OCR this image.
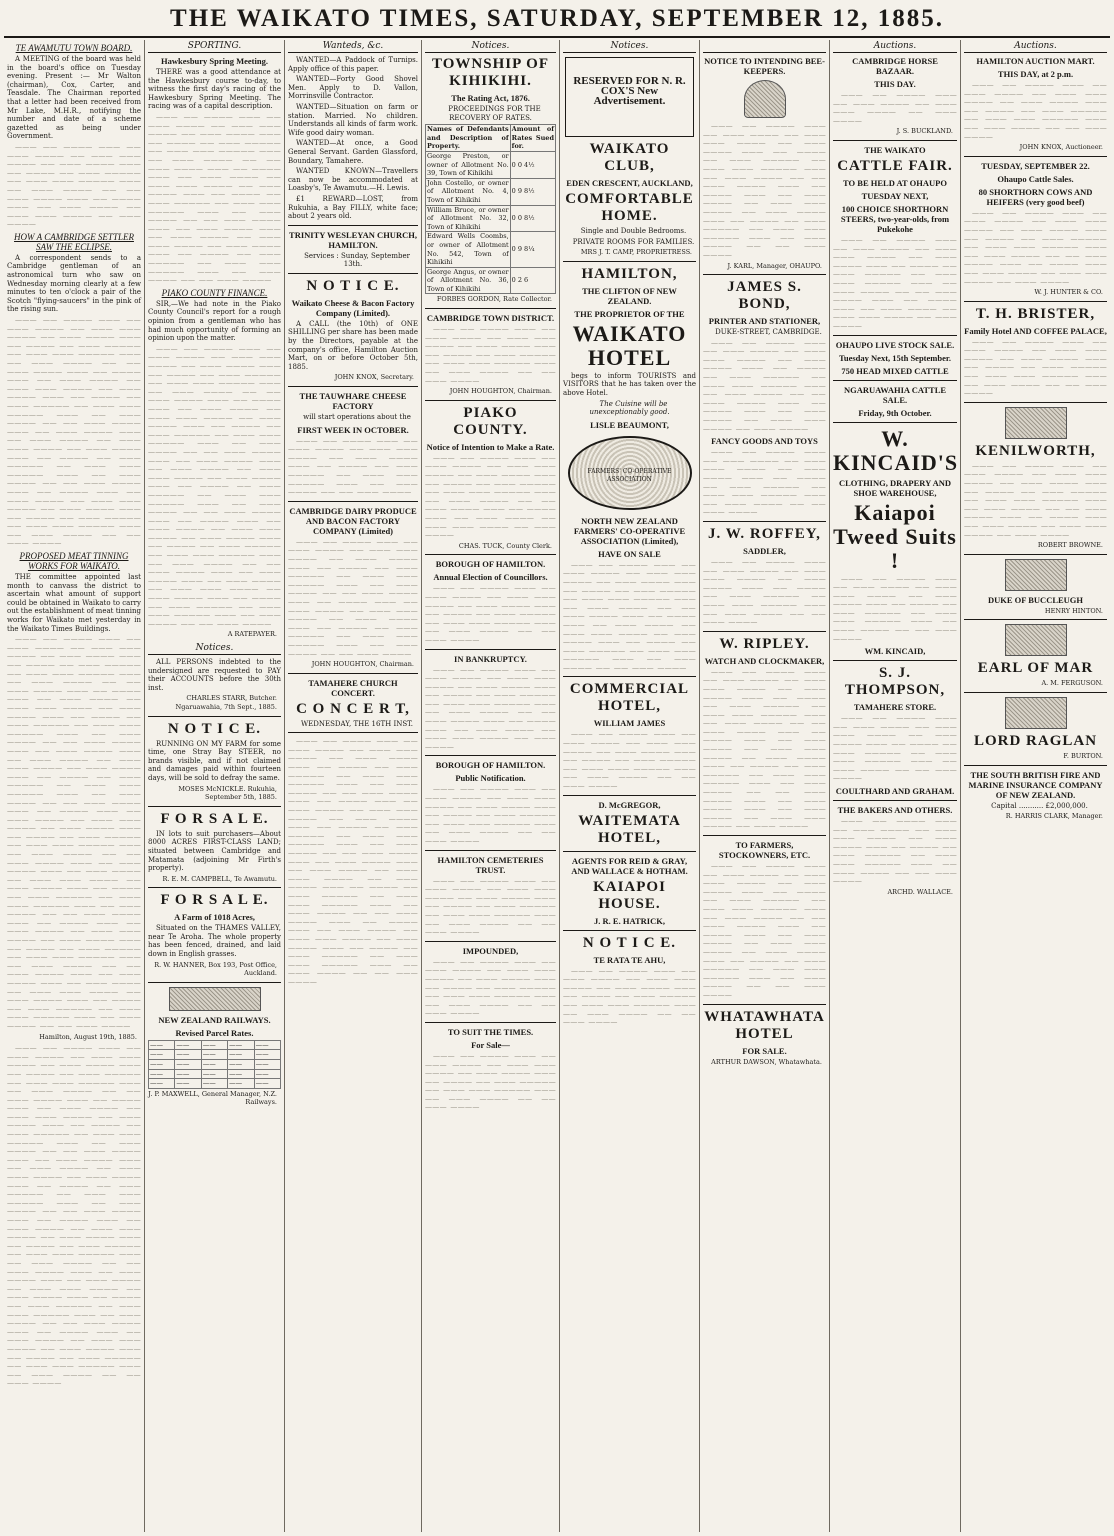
THE WAIKATO TIMES, SATURDAY, SEPTEMBER 12, 1885.
TE AWAMUTU TOWN BOARD.

A MEETING of the board was held in the board's office on Tuesday evening. Present :— Mr Walton (chairman), Cox, Carter, and Teasdale. The Chairman reported that a letter had been received from Mr Lake, M.H.R., notifying the number and date of a scheme gazetted as being under Government.

——— —— ———— ——— —— ——— ———— —— ——— ——— ———— —— ——— ———— ——— —— ———— —— ——— ————— —— ——— ——— ————— ——— —— ——— ———— —— —— ——— ———— ——— —— ———— ——— —— ——— ———— —— ——— ——— ———— —— ——— ————

HOW A CAMBRIDGE SETTLER SAW THE ECLIPSE.

A correspondent sends to a Cambridge gentleman of an astronomical turn who saw on Wednesday morning clearly at a few minutes to ten o'clock a pair of the Scotch "flying-saucers" in the pink of the rising sun.

——— —— ———— ——— —— ——— ———— —— ——— ——— ———— —— ——— ———— ——— —— ———— —— ——— ————— —— ——— ——— ————— ——— —— ——— ———— —— —— ——— ———— ——— —— ———— ——— —— ——— ———— —— ——— ——— ———— —— ——— ———— ——— —— ———— —— ——— ————— —— ——— ——— ————— ——— —— ——— ———— —— —— ——— ———— ——— —— ——— ———— ——— —— ——— ———— —— ——— ——— ———— —— ——— ———— ——— —— ———— —— ——— ————— —— ——— ——— ————— ——— —— ——— ———— —— —— ——— ———— ——— —— ———— ——— —— ——— ———— —— ——— ——— ———— —— ——— ———— ——— —— ———— —— ——— ————— —— ——— ——— ————— ——— —— ——— ———— —— —— ——— ————

PROPOSED MEAT TINNING WORKS FOR WAIKATO.

THE committee appointed last month to canvass the district to ascertain what amount of support could be obtained in Waikato to carry out the establishment of meat tinning works for Waikato met yesterday in the Waikato Times Buildings.

——— —— ———— ——— —— ——— ———— —— ——— ——— ———— —— ——— ———— ——— —— ———— —— ——— ————— —— ——— ——— ————— ——— —— ——— ———— —— —— ——— ———— ——— —— ———— ——— —— ——— ———— —— ——— ——— ———— —— ——— ———— ——— —— ———— —— ——— ————— —— ——— ——— ————— ——— —— ——— ———— —— —— ——— ———— ——— —— ——— ———— ——— —— ——— ———— —— ——— ——— ———— —— ——— ———— ——— —— ———— —— ——— ————— —— ——— ——— ————— ——— —— ——— ———— —— —— ——— ———— ——— —— ———— ——— —— ——— ———— —— ——— ——— ———— —— ——— ———— ——— —— ———— —— ——— ————— —— ——— ——— ————— ——— —— ——— ———— —— —— ——— ———— ——— —— ——— ———— ——— —— ——— ———— —— ——— ——— ———— —— ——— ———— ——— —— ———— —— ——— ————— —— ——— ——— ————— ——— —— ——— ———— —— —— ——— ———— ——— —— ———— ——— —— ——— ———— —— ——— ——— ———— —— ——— ———— ——— —— ———— —— ——— ————— —— ——— ——— ————— ——— —— ——— ———— —— —— ——— ———— ——— —— ——— ———— ——— —— ——— ———— —— ——— ——— ———— —— ——— ———— ——— —— ———— —— ——— ————— —— ——— ——— ————— ——— —— ——— ———— —— —— ——— ————

Hamilton, August 19th, 1885.

——— —— ———— ——— —— ——— ———— —— ——— ——— ———— —— ——— ———— ——— —— ———— —— ——— ————— —— ——— ——— ————— ——— —— ——— ———— —— —— ——— ———— ——— —— ———— ——— —— ——— ———— —— ——— ——— ———— —— ——— ———— ——— —— ———— —— ——— ————— —— ——— ——— ————— ——— —— ——— ———— —— —— ——— ———— ——— —— ——— ———— ——— —— ——— ———— —— ——— ——— ———— —— ——— ———— ——— —— ———— —— ——— ————— —— ——— ——— ————— ——— —— ——— ———— —— —— ——— ———— ——— —— ———— ——— —— ——— ———— —— ——— ——— ———— —— ——— ———— ——— —— ———— —— ——— ————— —— ——— ——— ————— ——— —— ——— ———— —— —— ——— ———— ——— —— ——— ———— ——— —— ——— ———— —— ——— ——— ———— —— ——— ———— ——— —— ———— —— ——— ————— —— ——— ——— ————— ——— —— ——— ———— —— —— ——— ———— ——— —— ———— ——— —— ——— ———— —— ——— ——— ———— —— ——— ———— ——— —— ———— —— ——— ————— —— ——— ——— ————— ——— —— ——— ———— —— —— ——— ————

SPORTING.
Hawkesbury Spring Meeting.

THERE was a good attendance at the Hawkesbury course to-day, to witness the first day's racing of the Hawkesbury Spring Meeting. The racing was of a capital description.

——— —— ———— ——— —— ——— ———— —— ——— ——— ———— —— ——— ———— ——— —— ———— —— ——— ————— —— ——— ——— ————— ——— —— ——— ———— —— —— ——— ———— ——— —— ———— ——— —— ——— ———— —— ——— ——— ———— —— ——— ———— ——— —— ———— —— ——— ————— —— ——— ——— ————— ——— —— ——— ———— —— —— ——— ———— ——— —— ——— ———— ——— —— ——— ———— —— ——— ——— ———— —— ——— ———— ——— —— ———— —— ——— ————— —— ——— ——— ————— ——— —— ——— ———— —— —— ——— ————

PIAKO COUNTY FINANCE.

SIR,—We had note in the Piako County Council's report for a rough opinion from a gentleman who has had much opportunity of forming an opinion upon the matter.

——— —— ———— ——— —— ——— ———— —— ——— ——— ———— —— ——— ———— ——— —— ———— —— ——— ————— —— ——— ——— ————— ——— —— ——— ———— —— —— ——— ———— ——— —— ———— ——— —— ——— ———— —— ——— ——— ———— —— ——— ———— ——— —— ———— —— ——— ————— —— ——— ——— ————— ——— —— ——— ———— —— —— ——— ———— ——— —— ——— ———— ——— —— ——— ———— —— ——— ——— ———— —— ——— ———— ——— —— ———— —— ——— ————— —— ——— ——— ————— ——— —— ——— ———— —— —— ——— ———— ——— —— ———— ——— —— ——— ———— —— ——— ——— ———— —— ——— ———— ——— —— ———— —— ——— ————— —— ——— ——— ————— ——— —— ——— ———— —— —— ——— ———— ——— —— ——— ———— ——— —— ——— ———— —— ——— ——— ———— —— ——— ———— ——— —— ———— —— ——— ————— —— ——— ——— ————— ——— —— ——— ———— —— —— ——— ————

A RATEPAYER.
Notices.

ALL PERSONS indebted to the undersigned are requested to PAY their ACCOUNTS before the 30th inst.

CHARLES STARR, Butcher. Ngaruawahia, 7th Sept., 1885.
N O T I C E.

RUNNING ON MY FARM for some time, one Stray Bay STEER, no brands visible, and if not claimed and damages paid within fourteen days, will be sold to defray the same.

MOSES McNICKLE. Rukuhia, September 5th, 1885.
F O R S A L E.

IN lots to suit purchasers—About 8000 ACRES FIRST-CLASS LAND; situated between Cambridge and Matamata (adjoining Mr Firth's property).

R. E. M. CAMPBELL, Te Awamutu.
F O R S A L E.
A Farm of 1018 Acres,

Situated on the THAMES VALLEY, near Te Aroha. The whole property has been fenced, drained, and laid down in English grasses.

R. W. HANNER, Box 193, Post Office, Auckland.
NEW ZEALAND RAILWAYS.
Revised Parcel Rates.
——	——	——	——	——
——	——	——	——	——
——	——	——	——	——
——	——	——	——	——
——	——	——	——	——
J. P. MAXWELL, General Manager, N.Z. Railways.
Wanteds, &c.

WANTED—A Paddock of Turnips. Apply office of this paper.

WANTED—Forty Good Shovel Men. Apply to D. Vallon, Morrinsville Contractor.

WANTED—Situation on farm or station. Married. No children. Understands all kinds of farm work. Wife good dairy woman.

WANTED—At once, a Good General Servant. Garden Glassford, Boundary, Tamahere.

WANTED KNOWN—Travellers can now be accommodated at Loasby's, Te Awamutu.—H. Lewis.

£1 REWARD—LOST, from Rukuhia, a Bay FILLY, white face; about 2 years old.

TRINITY WESLEYAN CHURCH, HAMILTON.

Services : Sunday, September 13th.

N O T I C E.
Waikato Cheese & Bacon Factory Company (Limited).

A CALL (the 10th) of ONE SHILLING per share has been made by the Directors, payable at the company's office, Hamilton Auction Mart, on or before October 5th, 1885.

JOHN KNOX, Secretary.
THE TAUWHARE CHEESE FACTORY

will start operations about the

FIRST WEEK IN OCTOBER.

——— —— ———— ——— —— ——— ———— —— ——— ——— ———— —— ——— ———— ——— —— ———— —— ——— ————— —— ——— ——— ————— ——— —— ——— ———— —— —— ——— ————

CAMBRIDGE DAIRY PRODUCE AND BACON FACTORY COMPANY (Limited)

——— —— ———— ——— —— ——— ———— —— ——— ——— ———— —— ——— ———— ——— —— ———— —— ——— ————— —— ——— ——— ————— ——— —— ——— ———— —— —— ——— ———— ——— —— ———— ——— —— ——— ———— —— ——— ——— ———— —— ——— ———— ——— —— ———— —— ——— ————— —— ——— ——— ————— ——— —— ——— ———— —— —— ——— ————

JOHN HOUGHTON, Chairman.
TAMAHERE CHURCH CONCERT.
C O N C E R T,

WEDNESDAY, THE 16TH INST.

——— —— ———— ——— —— ——— ———— —— ——— ——— ———— —— ——— ———— ——— —— ———— —— ——— ————— —— ——— ——— ————— ——— —— ——— ———— —— —— ——— ———— ——— —— ———— ——— —— ——— ———— —— ——— ——— ———— —— ——— ———— ——— —— ———— —— ——— ————— —— ——— ——— ————— ——— —— ——— ———— —— —— ——— ———— ——— —— ——— ———— ——— —— ——— ———— —— ——— ——— ———— —— ——— ———— ——— —— ———— —— ——— ————— —— ——— ——— ————— ——— —— ——— ———— —— —— ——— ———— ——— —— ———— ——— —— ——— ———— —— ——— ——— ———— —— ——— ———— ——— —— ———— —— ——— ————— —— ——— ——— ————— ——— —— ——— ———— —— —— ——— ————

Notices.
TOWNSHIP OF KIHIKIHI.
The Rating Act, 1876.

PROCEEDINGS FOR THE RECOVERY OF RATES.

Names of Defendants and Description of Property.	Amount of Rates Sued for.
George Preston, or owner of Allotment No. 39, Town of Kihikihi	0 0 4½
John Costello, or owner of Allotment No. 4, Town of Kihikihi	0 9 8½
William Bruce, or owner of Allotment No. 32, Town of Kihikihi	0 0 8½
Edward Wells Coombs, or owner of Allotment No. 542, Town of Kihikihi	0 9 8¼
George Angus, or owner of Allotment No. 36, Town of Kihikihi	0 2 6
FORBES GORDON, Rate Collector.
CAMBRIDGE TOWN DISTRICT.

——— —— ———— ——— —— ——— ———— —— ——— ——— ———— —— ——— ———— ——— —— ———— —— ——— ————— —— ——— ——— ————— ——— —— ——— ———— —— —— ——— ————

JOHN HOUGHTON, Chairman.
PIAKO COUNTY.
Notice of Intention to Make a Rate.

——— —— ———— ——— —— ——— ———— —— ——— ——— ———— —— ——— ———— ——— —— ———— —— ——— ————— —— ——— ——— ————— ——— —— ——— ———— —— —— ——— ———— ——— —— ———— ——— —— ——— ———— —— ——— ——— ———— —— ——— ————

CHAS. TUCK, County Clerk.
BOROUGH OF HAMILTON.
Annual Election of Councillors.

——— —— ———— ——— —— ——— ———— —— ——— ——— ———— —— ——— ———— ——— —— ———— —— ——— ————— —— ——— ——— ————— ——— —— ——— ———— —— —— ——— ————

IN BANKRUPTCY.

——— —— ———— ——— —— ——— ———— —— ——— ——— ———— —— ——— ———— ——— —— ———— —— ——— ————— —— ——— ——— ————— ——— —— ——— ———— —— —— ——— ———— ——— —— ———— ——— —— ——— ———— —— ——— ——— ———— —— ——— ————

BOROUGH OF HAMILTON.
Public Notification.

——— —— ———— ——— —— ——— ———— —— ——— ——— ———— —— ——— ———— ——— —— ———— —— ——— ————— —— ——— ——— ————— ——— —— ——— ———— —— —— ——— ————

HAMILTON CEMETERIES TRUST.

——— —— ———— ——— —— ——— ———— —— ——— ——— ———— —— ——— ———— ——— —— ———— —— ——— ————— —— ——— ——— ————— ——— —— ——— ———— —— —— ——— ————

IMPOUNDED,

——— —— ———— ——— —— ——— ———— —— ——— ——— ———— —— ——— ———— ——— —— ———— —— ——— ————— —— ——— ——— ————— ——— —— ——— ———— —— —— ——— ————

TO SUIT THE TIMES.
For Sale—

——— —— ———— ——— —— ——— ———— —— ——— ——— ———— —— ——— ———— ——— —— ———— —— ——— ————— —— ——— ——— ————— ——— —— ——— ———— —— —— ——— ————

Notices.
RESERVED FOR N. R. COX'S New Advertisement.
WAIKATO CLUB,
EDEN CRESCENT, AUCKLAND,
COMFORTABLE HOME.

Single and Double Bedrooms.

PRIVATE ROOMS FOR FAMILIES.

MRS J. T. CAMP, PROPRIETRESS.
HAMILTON,
THE CLIFTON OF NEW ZEALAND.
THE PROPRIETOR OF THE
WAIKATO HOTEL

begs to inform TOURISTS and VISITORS that he has taken over the above Hotel.

The Cuisine will be unexceptionably good.

LISLE BEAUMONT,
FARMERS' CO-OPERATIVE ASSOCIATION
NORTH NEW ZEALAND FARMERS' CO-OPERATIVE ASSOCIATION (Limited),
HAVE ON SALE

——— —— ———— ——— —— ——— ———— —— ——— ——— ———— —— ——— ———— ——— —— ———— —— ——— ————— —— ——— ——— ————— ——— —— ——— ———— —— —— ——— ———— ——— —— ———— ——— —— ——— ———— —— ——— ——— ———— —— ——— ———— ——— —— ———— —— ——— ————— —— ——— ——— ————— ——— —— ——— ———— —— —— ——— ————

COMMERCIAL HOTEL,
WILLIAM JAMES

——— —— ———— ——— —— ——— ———— —— ——— ——— ———— —— ——— ———— ——— —— ———— —— ——— ————— —— ——— ——— ————— ——— —— ——— ———— —— —— ——— ————

D. McGREGOR,
WAITEMATA HOTEL,
AGENTS FOR REID & GRAY, AND WALLACE & HOTHAM.
KAIAPOI HOUSE.
J. R. E. HATRICK,
N O T I C E.
TE RATA TE AHU,

——— —— ———— ——— —— ——— ———— —— ——— ——— ———— —— ——— ———— ——— —— ———— —— ——— ————— —— ——— ——— ————— ——— —— ——— ———— —— —— ——— ————

NOTICE TO INTENDING BEE-KEEPERS.

——— —— ———— ——— —— ——— ———— —— ——— ——— ———— —— ——— ———— ——— —— ———— —— ——— ————— —— ——— ——— ————— ——— —— ——— ———— —— —— ——— ———— ——— —— ———— ——— —— ——— ———— —— ——— ——— ———— —— ——— ———— ——— —— ———— —— ——— ————— —— ——— ——— ————— ——— —— ——— ———— —— —— ——— ————

J. KARL, Manager, OHAUPO.
JAMES S. BOND,
PRINTER AND STATIONER,

DUKE-STREET, CAMBRIDGE.

——— —— ———— ——— —— ——— ———— —— ——— ——— ———— —— ——— ———— ——— —— ———— —— ——— ————— —— ——— ——— ————— ——— —— ——— ———— —— —— ——— ———— ——— —— ———— ——— —— ——— ———— —— ——— ——— ———— —— ——— ————

FANCY GOODS AND TOYS

——— —— ———— ——— —— ——— ———— —— ——— ——— ———— —— ——— ———— ——— —— ———— —— ——— ————— —— ——— ——— ————— ——— —— ——— ———— —— —— ——— ————

J. W. ROFFEY,
SADDLER,

——— —— ———— ——— —— ——— ———— —— ——— ——— ———— —— ——— ———— ——— —— ———— —— ——— ————— —— ——— ——— ————— ——— —— ——— ———— —— —— ——— ————

W. RIPLEY.
WATCH AND CLOCKMAKER,

——— —— ———— ——— —— ——— ———— —— ——— ——— ———— —— ——— ———— ——— —— ———— —— ——— ————— —— ——— ——— ————— ——— —— ——— ———— —— —— ——— ———— ——— —— ———— ——— —— ——— ———— —— ——— ——— ———— —— ——— ———— ——— —— ———— —— ——— ————— —— ——— ——— ————— ——— —— ——— ———— —— —— ——— ———— ——— —— ——— ———— ——— —— ——— ———— —— ——— ——— ———— —— ——— ————

TO FARMERS, STOCKOWNERS, ETC.

——— —— ———— ——— —— ——— ———— —— ——— ——— ———— —— ——— ———— ——— —— ———— —— ——— ————— —— ——— ——— ————— ——— —— ——— ———— —— —— ——— ———— ——— —— ———— ——— —— ——— ———— —— ——— ——— ———— —— ——— ———— ——— —— ———— —— ——— ————— —— ——— ——— ————— ——— —— ——— ———— —— —— ——— ————

WHATAWHATA HOTEL
FOR SALE.
ARTHUR DAWSON, Whatawhata.
Auctions.
CAMBRIDGE HORSE BAZAAR.
THIS DAY.

——— —— ———— ——— —— ——— ———— —— ——— ——— ———— —— ——— ————

J. S. BUCKLAND.
THE WAIKATO
CATTLE FAIR.
TO BE HELD AT OHAUPO
TUESDAY NEXT,
100 CHOICE SHORTHORN STEERS, two-year-olds, from Pukekohe

——— —— ———— ——— —— ——— ———— —— ——— ——— ———— —— ——— ———— ——— —— ———— —— ——— ————— —— ——— ——— ————— ——— —— ——— ———— —— —— ——— ———— ——— —— ———— ——— —— ——— ———— —— ——— ——— ———— —— ——— ————

OHAUPO LIVE STOCK SALE.
Tuesday Next, 15th September.
750 HEAD MIXED CATTLE
NGARUAWAHIA CATTLE SALE.
Friday, 9th October.
W. KINCAID'S
CLOTHING, DRAPERY AND SHOE WAREHOUSE,
Kaiapoi Tweed Suits !

——— —— ———— ——— —— ——— ———— —— ——— ——— ———— —— ——— ———— ——— —— ———— —— ——— ————— —— ——— ——— ————— ——— —— ——— ———— —— —— ——— ————

WM. KINCAID,
S. J. THOMPSON,
TAMAHERE STORE.

——— —— ———— ——— —— ——— ———— —— ——— ——— ———— —— ——— ———— ——— —— ———— —— ——— ————— —— ——— ——— ————— ——— —— ——— ———— —— —— ——— ————

COULTHARD AND GRAHAM.
THE BAKERS AND OTHERS.

——— —— ———— ——— —— ——— ———— —— ——— ——— ———— —— ——— ———— ——— —— ———— —— ——— ————— —— ——— ——— ————— ——— —— ——— ———— —— —— ——— ————

ARCHD. WALLACE.
Auctions.
HAMILTON AUCTION MART.
THIS DAY, at 2 p.m.

——— —— ———— ——— —— ——— ———— —— ——— ——— ———— —— ——— ———— ——— —— ———— —— ——— ————— —— ——— ——— ————— ——— —— ——— ———— —— —— ——— ————

JOHN KNOX, Auctioneer.
TUESDAY, SEPTEMBER 22.
Ohaupo Cattle Sales.
80 SHORTHORN COWS AND HEIFERS (very good beef)

——— —— ———— ——— —— ——— ———— —— ——— ——— ———— —— ——— ———— ——— —— ———— —— ——— ————— —— ——— ——— ————— ——— —— ——— ———— —— —— ——— ———— ——— —— ———— ——— —— ——— ———— —— ——— ——— ———— —— ——— ————

W. J. HUNTER & CO.
T. H. BRISTER,
Family Hotel AND COFFEE PALACE,

——— —— ———— ——— —— ——— ———— —— ——— ——— ———— —— ——— ———— ——— —— ———— —— ——— ————— —— ——— ——— ————— ——— —— ——— ———— —— —— ——— ————

KENILWORTH,

——— —— ———— ——— —— ——— ———— —— ——— ——— ———— —— ——— ———— ——— —— ———— —— ——— ————— —— ——— ——— ————— ——— —— ——— ———— —— —— ——— ———— ——— —— ———— ——— —— ——— ———— —— ——— ——— ———— —— ——— ————

ROBERT BROWNE.
DUKE OF BUCCLEUGH
HENRY HINTON.
EARL OF MAR
A. M. FERGUSON.
LORD RAGLAN
F. BURTON.
THE SOUTH BRITISH FIRE AND MARINE INSURANCE COMPANY OF NEW ZEALAND.

Capital ........... £2,000,000.

R. HARRIS CLARK, Manager.
